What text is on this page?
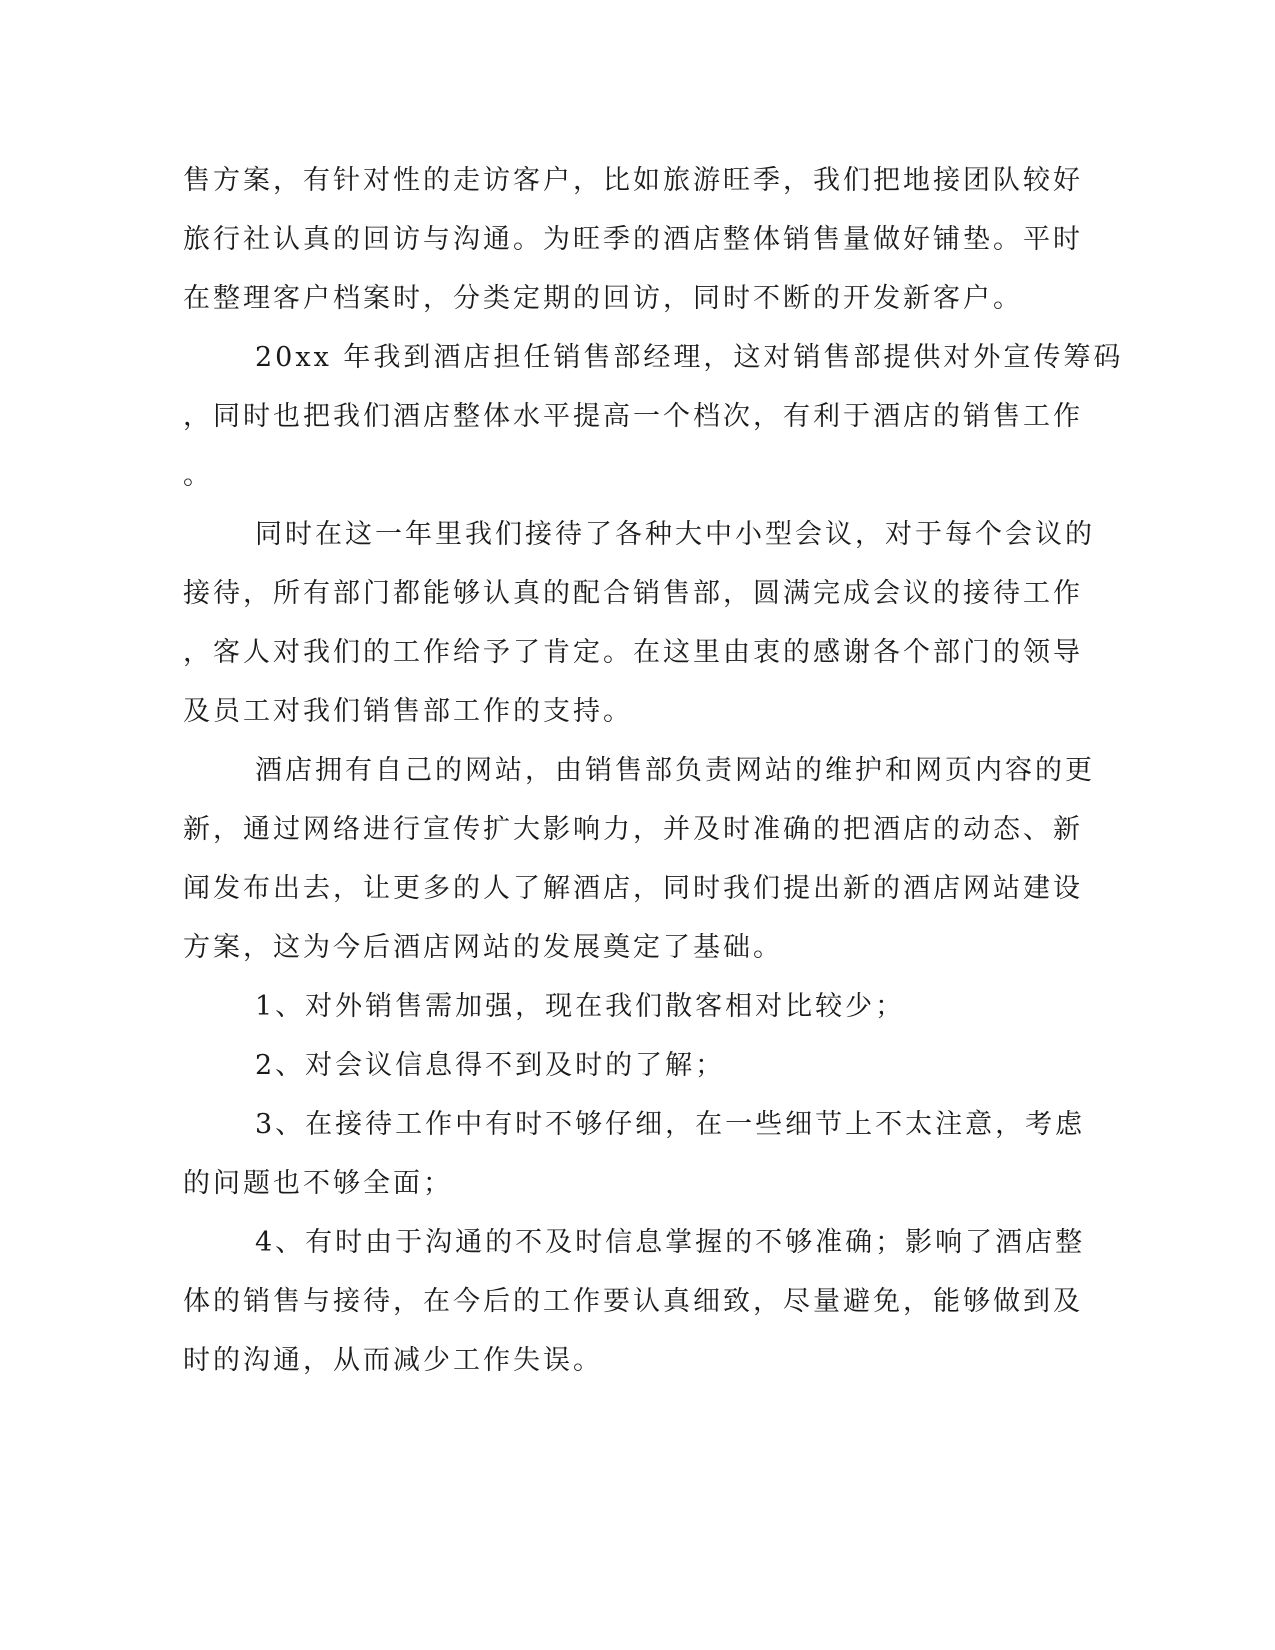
售方案，有针对性的走访客户，比如旅游旺季，我们把地接团队较好
旅行社认真的回访与沟通。为旺季的酒店整体销售量做好铺垫。平时
在整理客户档案时，分类定期的回访，同时不断的开发新客户。
20xx 年我到酒店担任销售部经理，这对销售部提供对外宣传筹码
，同时也把我们酒店整体水平提高一个档次，有利于酒店的销售工作
。
同时在这一年里我们接待了各种大中小型会议，对于每个会议的
接待，所有部门都能够认真的配合销售部，圆满完成会议的接待工作
，客人对我们的工作给予了肯定。在这里由衷的感谢各个部门的领导
及员工对我们销售部工作的支持。
酒店拥有自己的网站，由销售部负责网站的维护和网页内容的更
新，通过网络进行宣传扩大影响力，并及时准确的把酒店的动态、新
闻发布出去，让更多的人了解酒店，同时我们提出新的酒店网站建设
方案，这为今后酒店网站的发展奠定了基础。
1、对外销售需加强，现在我们散客相对比较少；
2、对会议信息得不到及时的了解；
3、在接待工作中有时不够仔细，在一些细节上不太注意，考虑
的问题也不够全面；
4、有时由于沟通的不及时信息掌握的不够准确；影响了酒店整
体的销售与接待，在今后的工作要认真细致，尽量避免，能够做到及
时的沟通，从而减少工作失误。
